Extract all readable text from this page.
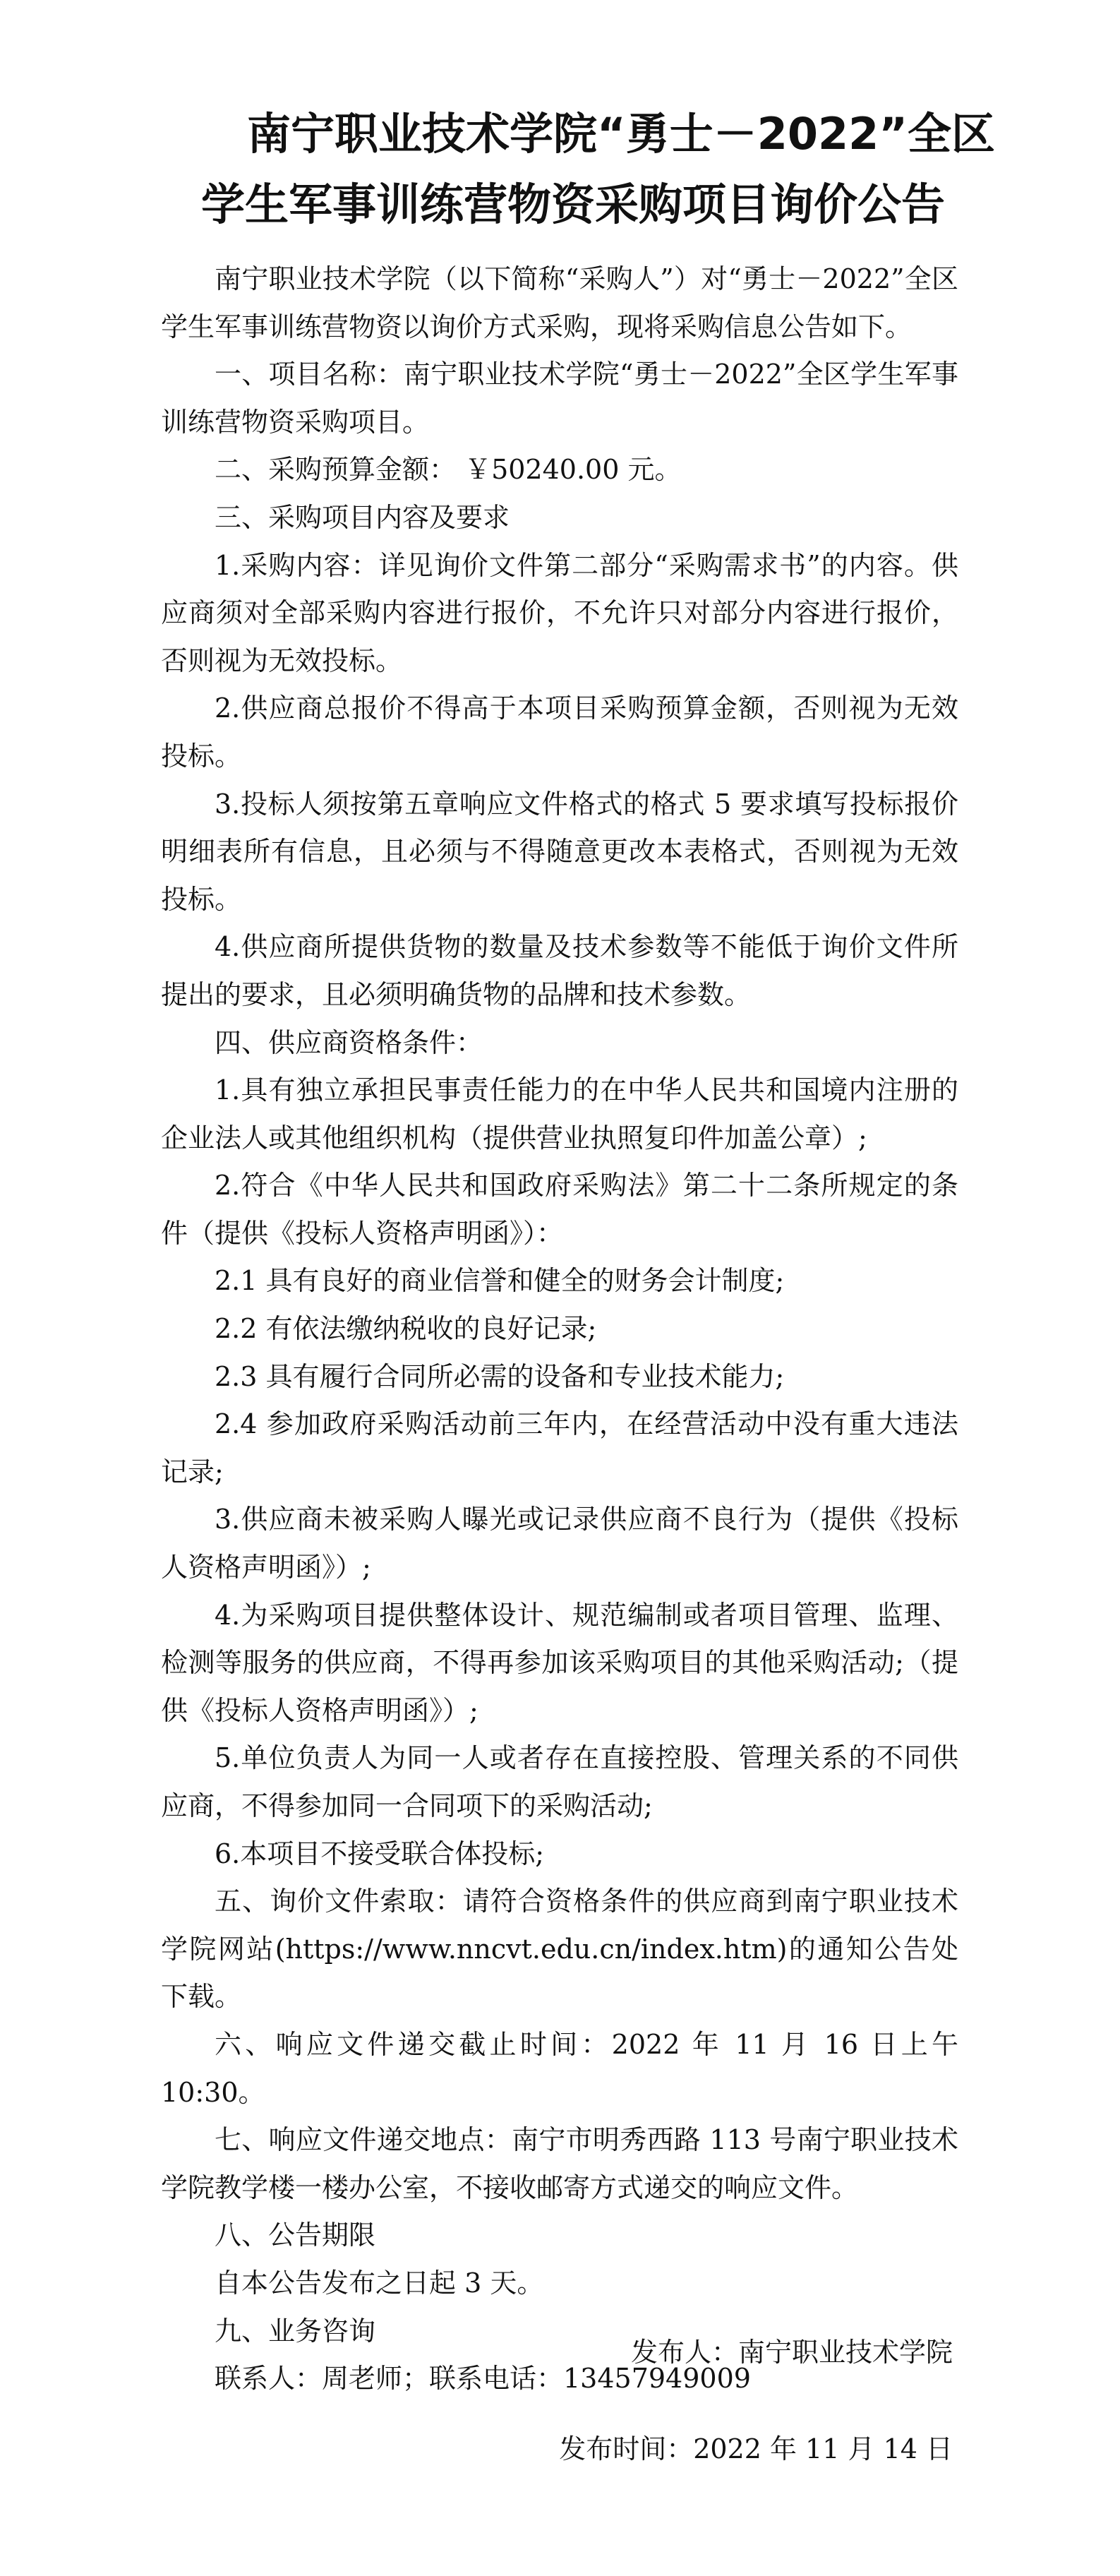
南宁职业技术学院“勇士－2022”全区
学生军事训练营物资采购项目询价公告

南宁职业技术学院（以下简称“采购人”）对“勇士－2022”全区学生军事训练营物资以询价方式采购，现将采购信息公告如下。

一、项目名称：南宁职业技术学院“勇士－2022”全区学生军事训练营物资采购项目。

二、采购预算金额： ￥50240.00 元。

三、采购项目内容及要求

1.采购内容：详见询价文件第二部分“采购需求书”的内容。供应商须对全部采购内容进行报价，不允许只对部分内容进行报价，否则视为无效投标。

2.供应商总报价不得高于本项目采购预算金额，否则视为无效投标。

3.投标人须按第五章响应文件格式的格式 5 要求填写投标报价明细表所有信息，且必须与不得随意更改本表格式，否则视为无效投标。

4.供应商所提供货物的数量及技术参数等不能低于询价文件所提出的要求，且必须明确货物的品牌和技术参数。

四、供应商资格条件：

1.具有独立承担民事责任能力的在中华人民共和国境内注册的企业法人或其他组织机构（提供营业执照复印件加盖公章）;

2.符合《中华人民共和国政府采购法》第二十二条所规定的条件（提供《投标人资格声明函》）：

2.1 具有良好的商业信誉和健全的财务会计制度;

2.2 有依法缴纳税收的良好记录;

2.3 具有履行合同所必需的设备和专业技术能力;

2.4 参加政府采购活动前三年内，在经营活动中没有重大违法记录;

3.供应商未被采购人曝光或记录供应商不良行为（提供《投标人资格声明函》）;

4.为采购项目提供整体设计、规范编制或者项目管理、监理、检测等服务的供应商，不得再参加该采购项目的其他采购活动;（提供《投标人资格声明函》）;

5.单位负责人为同一人或者存在直接控股、管理关系的不同供应商，不得参加同一合同项下的采购活动;

6.本项目不接受联合体投标;

五、询价文件索取：请符合资格条件的供应商到南宁职业技术学院网站(https://www.nncvt.edu.cn/index.htm)的通知公告处下载。

六、响应文件递交截止时间：2022 年 11 月 16 日上午 10:30。

七、响应文件递交地点：南宁市明秀西路 113 号南宁职业技术学院教学楼一楼办公室，不接收邮寄方式递交的响应文件。

八、公告期限

自本公告发布之日起 3 天。

九、业务咨询

联系人：周老师；联系电话：13457949009

发布人：南宁职业技术学院
发布时间：2022 年 11 月 14 日
